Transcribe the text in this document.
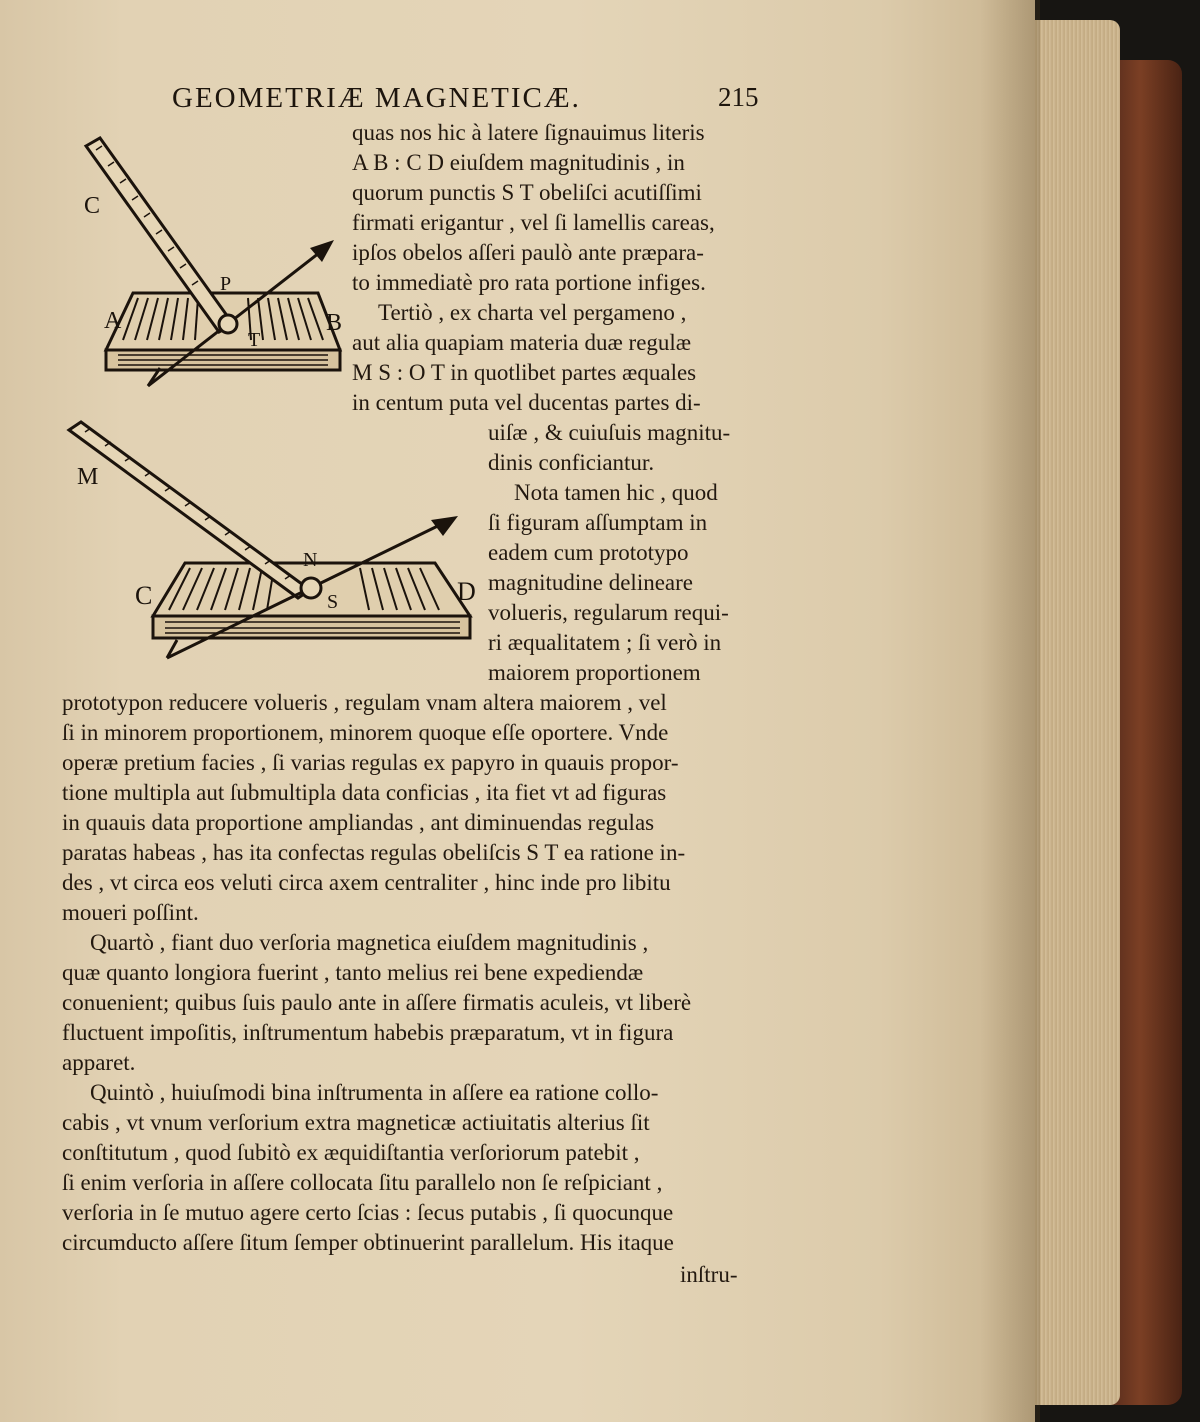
GEOMETRIÆ MAGNETICÆ.	215
C
P
A	B
T
M
N
C	D
S

quas nos hic à latere ſignauimus literis

A B : C D eiuſdem magnitudinis , in

quorum punctis S T obeliſci acutiſſimi

firmati erigantur , vel ſi lamellis careas,

ipſos obelos aſſeri paulò ante præpara-

to immediatè pro rata portione infiges.

Tertiò , ex charta vel pergameno ,

aut alia quapiam materia duæ regulæ

M S : O T in quotlibet partes æquales

in centum puta vel ducentas partes di-

uiſæ , & cuiuſuis magnitu-

dinis conficiantur.

Nota tamen hic , quod

ſi figuram aſſumptam in

eadem cum prototypo

magnitudine delineare

volueris, regularum requi-

ri æqualitatem ; ſi verò in

maiorem proportionem

prototypon reducere volueris , regulam vnam altera maiorem , vel

ſi in minorem proportionem, minorem quoque eſſe oportere. Vnde

operæ pretium facies , ſi varias regulas ex papyro in quauis propor-

tione multipla aut ſubmultipla data conficias , ita fiet vt ad figuras

in quauis data proportione ampliandas , ant diminuendas regulas

paratas habeas , has ita confectas regulas obeliſcis S T ea ratione in-

des , vt circa eos veluti circa axem centraliter , hinc inde pro libitu

moueri poſſint.

Quartò , fiant duo verſoria magnetica eiuſdem magnitudinis ,

quæ quanto longiora fuerint , tanto melius rei bene expediendæ

conuenient; quibus ſuis paulo ante in aſſere firmatis aculeis, vt liberè

fluctuent impoſitis, inſtrumentum habebis præparatum, vt in figura

apparet.

Quintò , huiuſmodi bina inſtrumenta in aſſere ea ratione collo-

cabis , vt vnum verſorium extra magneticæ actiuitatis alterius ſit

conſtitutum , quod ſubitò ex æquidiſtantia verſoriorum patebit ,

ſi enim verſoria in aſſere collocata ſitu parallelo non ſe reſpiciant ,

verſoria in ſe mutuo agere certo ſcias : ſecus putabis , ſi quocunque

circumducto aſſere ſitum ſemper obtinuerint parallelum. His itaque

inſtru-
